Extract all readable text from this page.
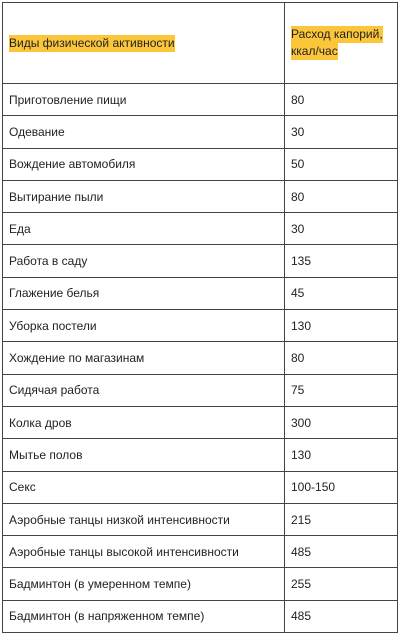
Виды физической активности	Расход капорий,
ккал/час
Приготовление пищи	80
Одевание	30
Вождение автомобиля	50
Вытирание пыли	80
Еда	30
Работа в саду	135
Глажение белья	45
Уборка постели	130
Хождение по магазинам	80
Сидячая работа	75
Колка дров	300
Мытье полов	130
Секс	100-150
Аэробные танцы низкой интенсивности	215
Аэробные танцы высокой интенсивности	485
Бадминтон (в умеренном темпе)	255
Бадминтон (в напряженном темпе)	485
